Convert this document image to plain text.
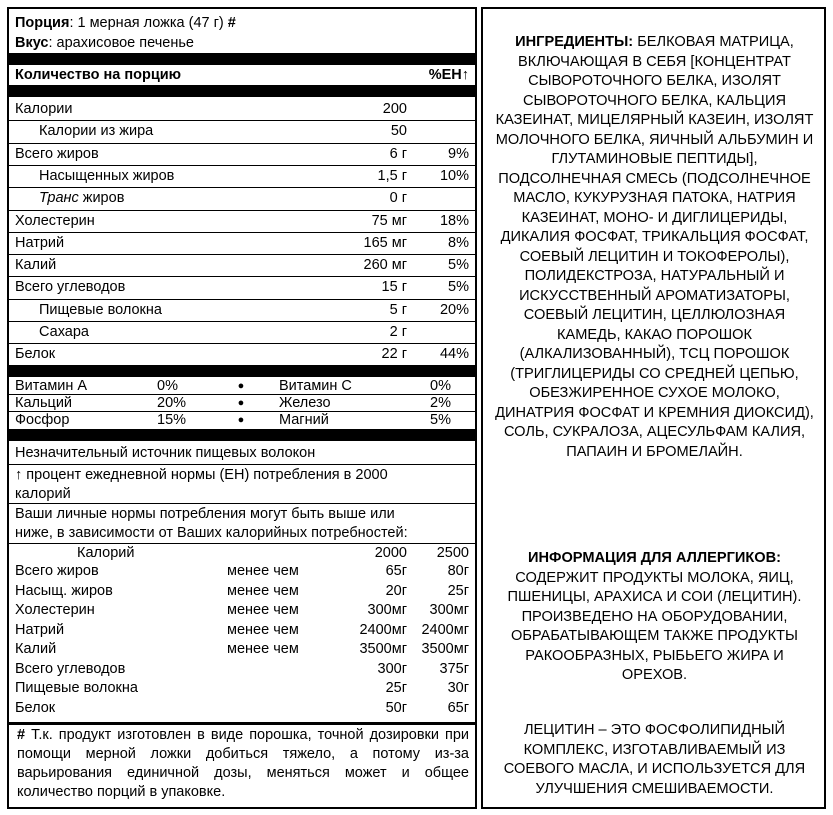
Порция: 1 мерная ложка (47 г) #
Вкус: арахисовое печенье
Количество на порцию	%ЕН↑
Калории	200
Калории из жира	50
Всего жиров	6 г	9%
Насыщенных жиров	1,5 г	10%
Транс жиров	0 г
Холестерин	75 мг	18%
Натрий	165 мг	8%
Калий	260 мг	5%
Всего углеводов	15 г	5%
Пищевые волокна	5 г	20%
Сахара	2 г
Белок	22 г	44%
Витамин А	0%	●	Витамин С	0%
Кальций	20%	●	Железо	2%
Фосфор	15%	●	Магний	5%
Незначительный источник пищевых волокон
↑ процент ежедневной нормы (ЕН) потребления в 2000
калорий
Ваши личные нормы потребления могут быть выше или
ниже, в зависимости от Ваших калорийных потребностей:
Калорий	2000	2500
Всего жиров	менее чем	65г	80г
Насыщ. жиров	менее чем	20г	25г
Холестерин	менее чем	300мг	300мг
Натрий	менее чем	2400мг 2400мг
Калий	менее чем	3500мг 3500мг
Всего углеводов	300г	375г
Пищевые волокна	25г	30г
Белок	50г	65г
# Т.к. продукт изготовлен в виде порошка, точной дозировки при помощи мерной ложки добиться тяжело, а потому из-за варьирования единичной дозы, меняться может и общее количество порций в упаковке.
ИНГРЕДИЕНТЫ: БЕЛКОВАЯ МАТРИЦА, ВКЛЮЧАЮЩАЯ В СЕБЯ [КОНЦЕНТРАТ СЫВОРОТОЧНОГО БЕЛКА, ИЗОЛЯТ СЫВОРОТОЧНОГО БЕЛКА, КАЛЬЦИЯ КАЗЕИНАТ, МИЦЕЛЯРНЫЙ КАЗЕИН, ИЗОЛЯТ МОЛОЧНОГО БЕЛКА, ЯИЧНЫЙ АЛЬБУМИН И ГЛУТАМИНОВЫЕ ПЕПТИДЫ], ПОДСОЛНЕЧНАЯ СМЕСЬ (ПОДСОЛНЕЧНОЕ МАСЛО, КУКУРУЗНАЯ ПАТОКА, НАТРИЯ КАЗЕИНАТ, МОНО- И ДИГЛИЦЕРИДЫ, ДИКАЛИЯ ФОСФАТ, ТРИКАЛЬЦИЯ ФОСФАТ, СОЕВЫЙ ЛЕЦИТИН И ТОКОФЕРОЛЫ), ПОЛИДЕКСТРОЗА, НАТУРАЛЬНЫЙ И ИСКУССТВЕННЫЙ АРОМАТИЗАТОРЫ, СОЕВЫЙ ЛЕЦИТИН, ЦЕЛЛЮЛОЗНАЯ КАМЕДЬ, КАКАО ПОРОШОК (АЛКАЛИЗОВАННЫЙ), ТСЦ ПОРОШОК (ТРИГЛИЦЕРИДЫ СО СРЕДНЕЙ ЦЕПЬЮ, ОБЕЗЖИРЕННОЕ СУХОЕ МОЛОКО, ДИНАТРИЯ ФОСФАТ И КРЕМНИЯ ДИОКСИД), СОЛЬ, СУКРАЛОЗА, АЦЕСУЛЬФАМ КАЛИЯ, ПАПАИН И БРОМЕЛАЙН.
ИНФОРМАЦИЯ ДЛЯ АЛЛЕРГИКОВ:
СОДЕРЖИТ ПРОДУКТЫ МОЛОКА, ЯИЦ, ПШЕНИЦЫ, АРАХИСА И СОИ (ЛЕЦИТИН). ПРОИЗВЕДЕНО НА ОБОРУДОВАНИИ, ОБРАБАТЫВАЮЩЕМ ТАКЖЕ ПРОДУКТЫ РАКООБРАЗНЫХ, РЫБЬЕГО ЖИРА И ОРЕХОВ.
ЛЕЦИТИН – ЭТО ФОСФОЛИПИДНЫЙ КОМПЛЕКС, ИЗГОТАВЛИВАЕМЫЙ ИЗ СОЕВОГО МАСЛА, И ИСПОЛЬЗУЕТСЯ ДЛЯ УЛУЧШЕНИЯ СМЕШИВАЕМОСТИ.
